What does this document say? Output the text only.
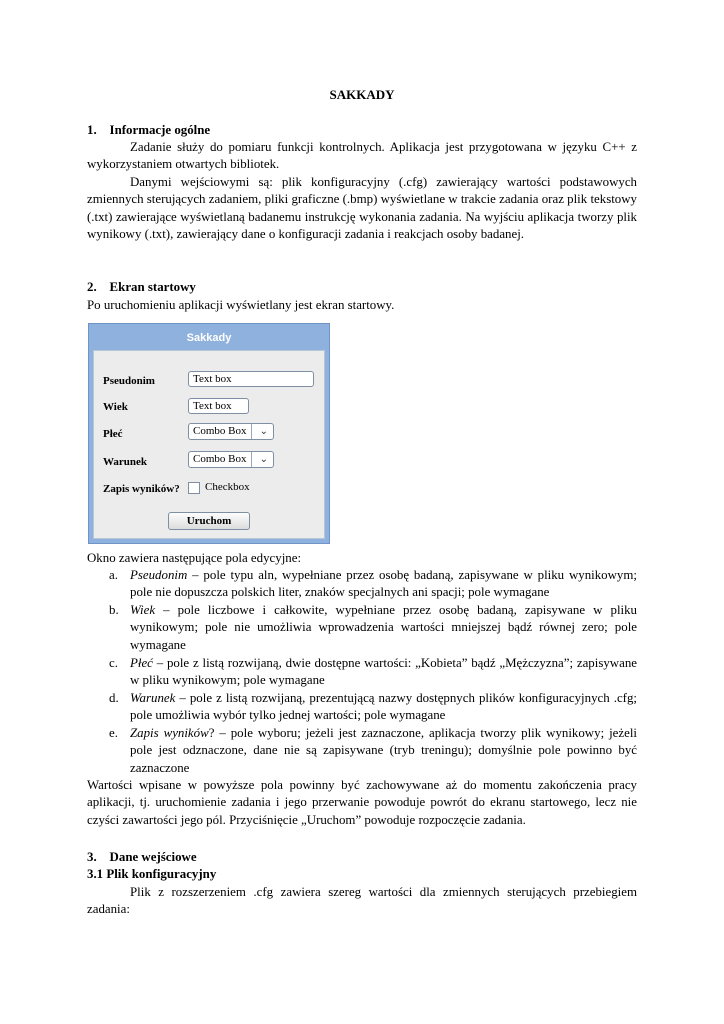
SAKKADY
1. Informacje ogólne
Zadanie służy do pomiaru funkcji kontrolnych. Aplikacja jest przygotowana w języku C++ z
wykorzystaniem otwartych bibliotek.
Danymi wejściowymi są: plik konfiguracyjny (.cfg) zawierający wartości podstawowych zmiennych sterujących zadaniem, pliki graficzne (.bmp) wyświetlane w trakcie zadania oraz plik tekstowy (.txt) zawierające wyświetlaną badanemu instrukcję wykonania zadania. Na wyjściu aplikacja tworzy plik wynikowy (.txt), zawierający dane o konfiguracji zadania i reakcjach osoby badanej.
2. Ekran startowy
Po uruchomieniu aplikacji wyświetlany jest ekran startowy.
Sakkady
Pseudonim	Text box
Wiek	Text box
Płeć	Combo Box ⌄
Warunek	Combo Box ⌄
Zapis wyników? Checkbox
Uruchom
Okno zawiera następujące pola edycyjne:
a. Pseudonim – pole typu aln, wypełniane przez osobę badaną, zapisywane w pliku wynikowym; pole nie dopuszcza polskich liter, znaków specjalnych ani spacji; pole wymagane
b. Wiek – pole liczbowe i całkowite, wypełniane przez osobę badaną, zapisywane w pliku wynikowym; pole nie umożliwia wprowadzenia wartości mniejszej bądź równej zero; pole wymagane
c. Płeć – pole z listą rozwijaną, dwie dostępne wartości: „Kobieta” bądź „Mężczyzna”; zapisywane w pliku wynikowym; pole wymagane
d. Warunek – pole z listą rozwijaną, prezentującą nazwy dostępnych plików konfiguracyjnych .cfg; pole umożliwia wybór tylko jednej wartości; pole wymagane
e. Zapis wyników? – pole wyboru; jeżeli jest zaznaczone, aplikacja tworzy plik wynikowy; jeżeli pole jest odznaczone, dane nie są zapisywane (tryb treningu); domyślnie pole powinno być zaznaczone
Wartości wpisane w powyższe pola powinny być zachowywane aż do momentu zakończenia pracy aplikacji, tj. uruchomienie zadania i jego przerwanie powoduje powrót do ekranu startowego, lecz nie czyści zawartości jego pól. Przyciśnięcie „Uruchom” powoduje rozpoczęcie zadania.
3. Dane wejściowe
3.1 Plik konfiguracyjny
Plik z rozszerzeniem .cfg zawiera szereg wartości dla zmiennych sterujących przebiegiem zadania:
